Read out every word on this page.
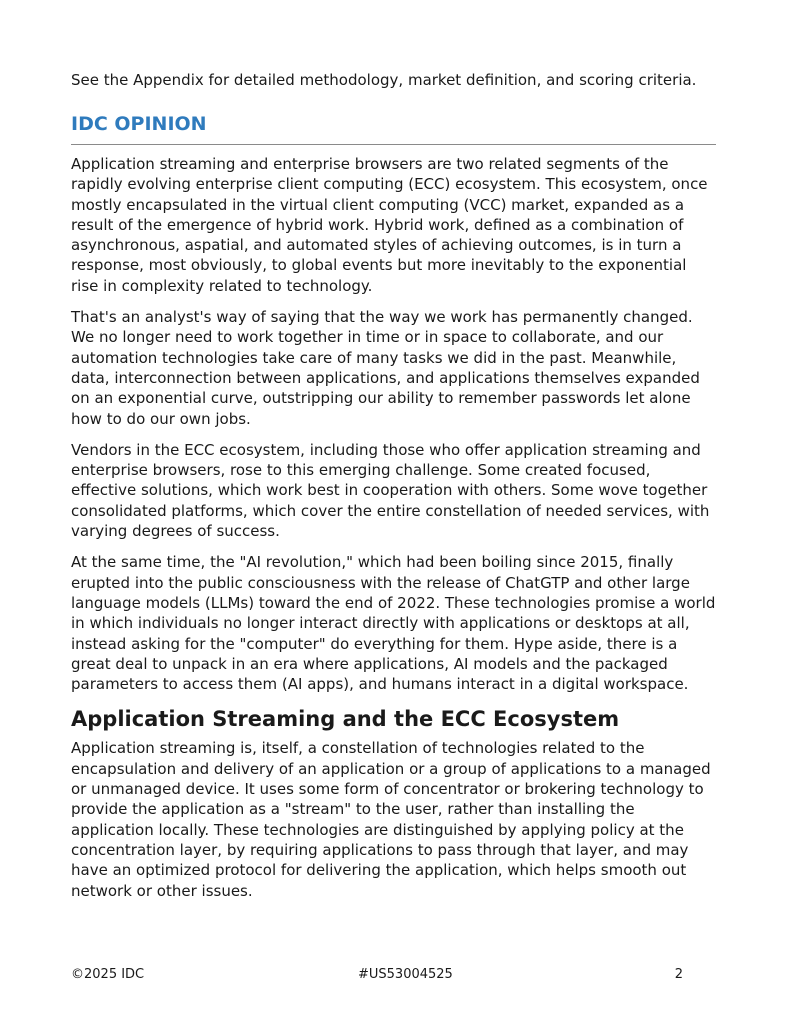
See the Appendix for detailed methodology, market definition, and scoring criteria.

IDC OPINION

Application streaming and enterprise browsers are two related segments of the rapidly evolving enterprise client computing (ECC) ecosystem. This ecosystem, once mostly encapsulated in the virtual client computing (VCC) market, expanded as a result of the emergence of hybrid work. Hybrid work, defined as a combination of asynchronous, aspatial, and automated styles of achieving outcomes, is in turn a response, most obviously, to global events but more inevitably to the exponential rise in complexity related to technology.

That's an analyst's way of saying that the way we work has permanently changed. We no longer need to work together in time or in space to collaborate, and our automation technologies take care of many tasks we did in the past. Meanwhile, data, interconnection between applications, and applications themselves expanded on an exponential curve, outstripping our ability to remember passwords let alone how to do our own jobs.

Vendors in the ECC ecosystem, including those who offer application streaming and enterprise browsers, rose to this emerging challenge. Some created focused, effective solutions, which work best in cooperation with others. Some wove together consolidated platforms, which cover the entire constellation of needed services, with varying degrees of success.

At the same time, the "AI revolution," which had been boiling since 2015, finally erupted into the public consciousness with the release of ChatGTP and other large language models (LLMs) toward the end of 2022. These technologies promise a world in which individuals no longer interact directly with applications or desktops at all, instead asking for the "computer" do everything for them. Hype aside, there is a great deal to unpack in an era where applications, AI models and the packaged parameters to access them (AI apps), and humans interact in a digital workspace.

Application Streaming and the ECC Ecosystem

Application streaming is, itself, a constellation of technologies related to the encapsulation and delivery of an application or a group of applications to a managed or unmanaged device. It uses some form of concentrator or brokering technology to provide the application as a "stream" to the user, rather than installing the application locally. These technologies are distinguished by applying policy at the concentration layer, by requiring applications to pass through that layer, and may have an optimized protocol for delivering the application, which helps smooth out network or other issues.

©2025 IDC	#US53004525	2
